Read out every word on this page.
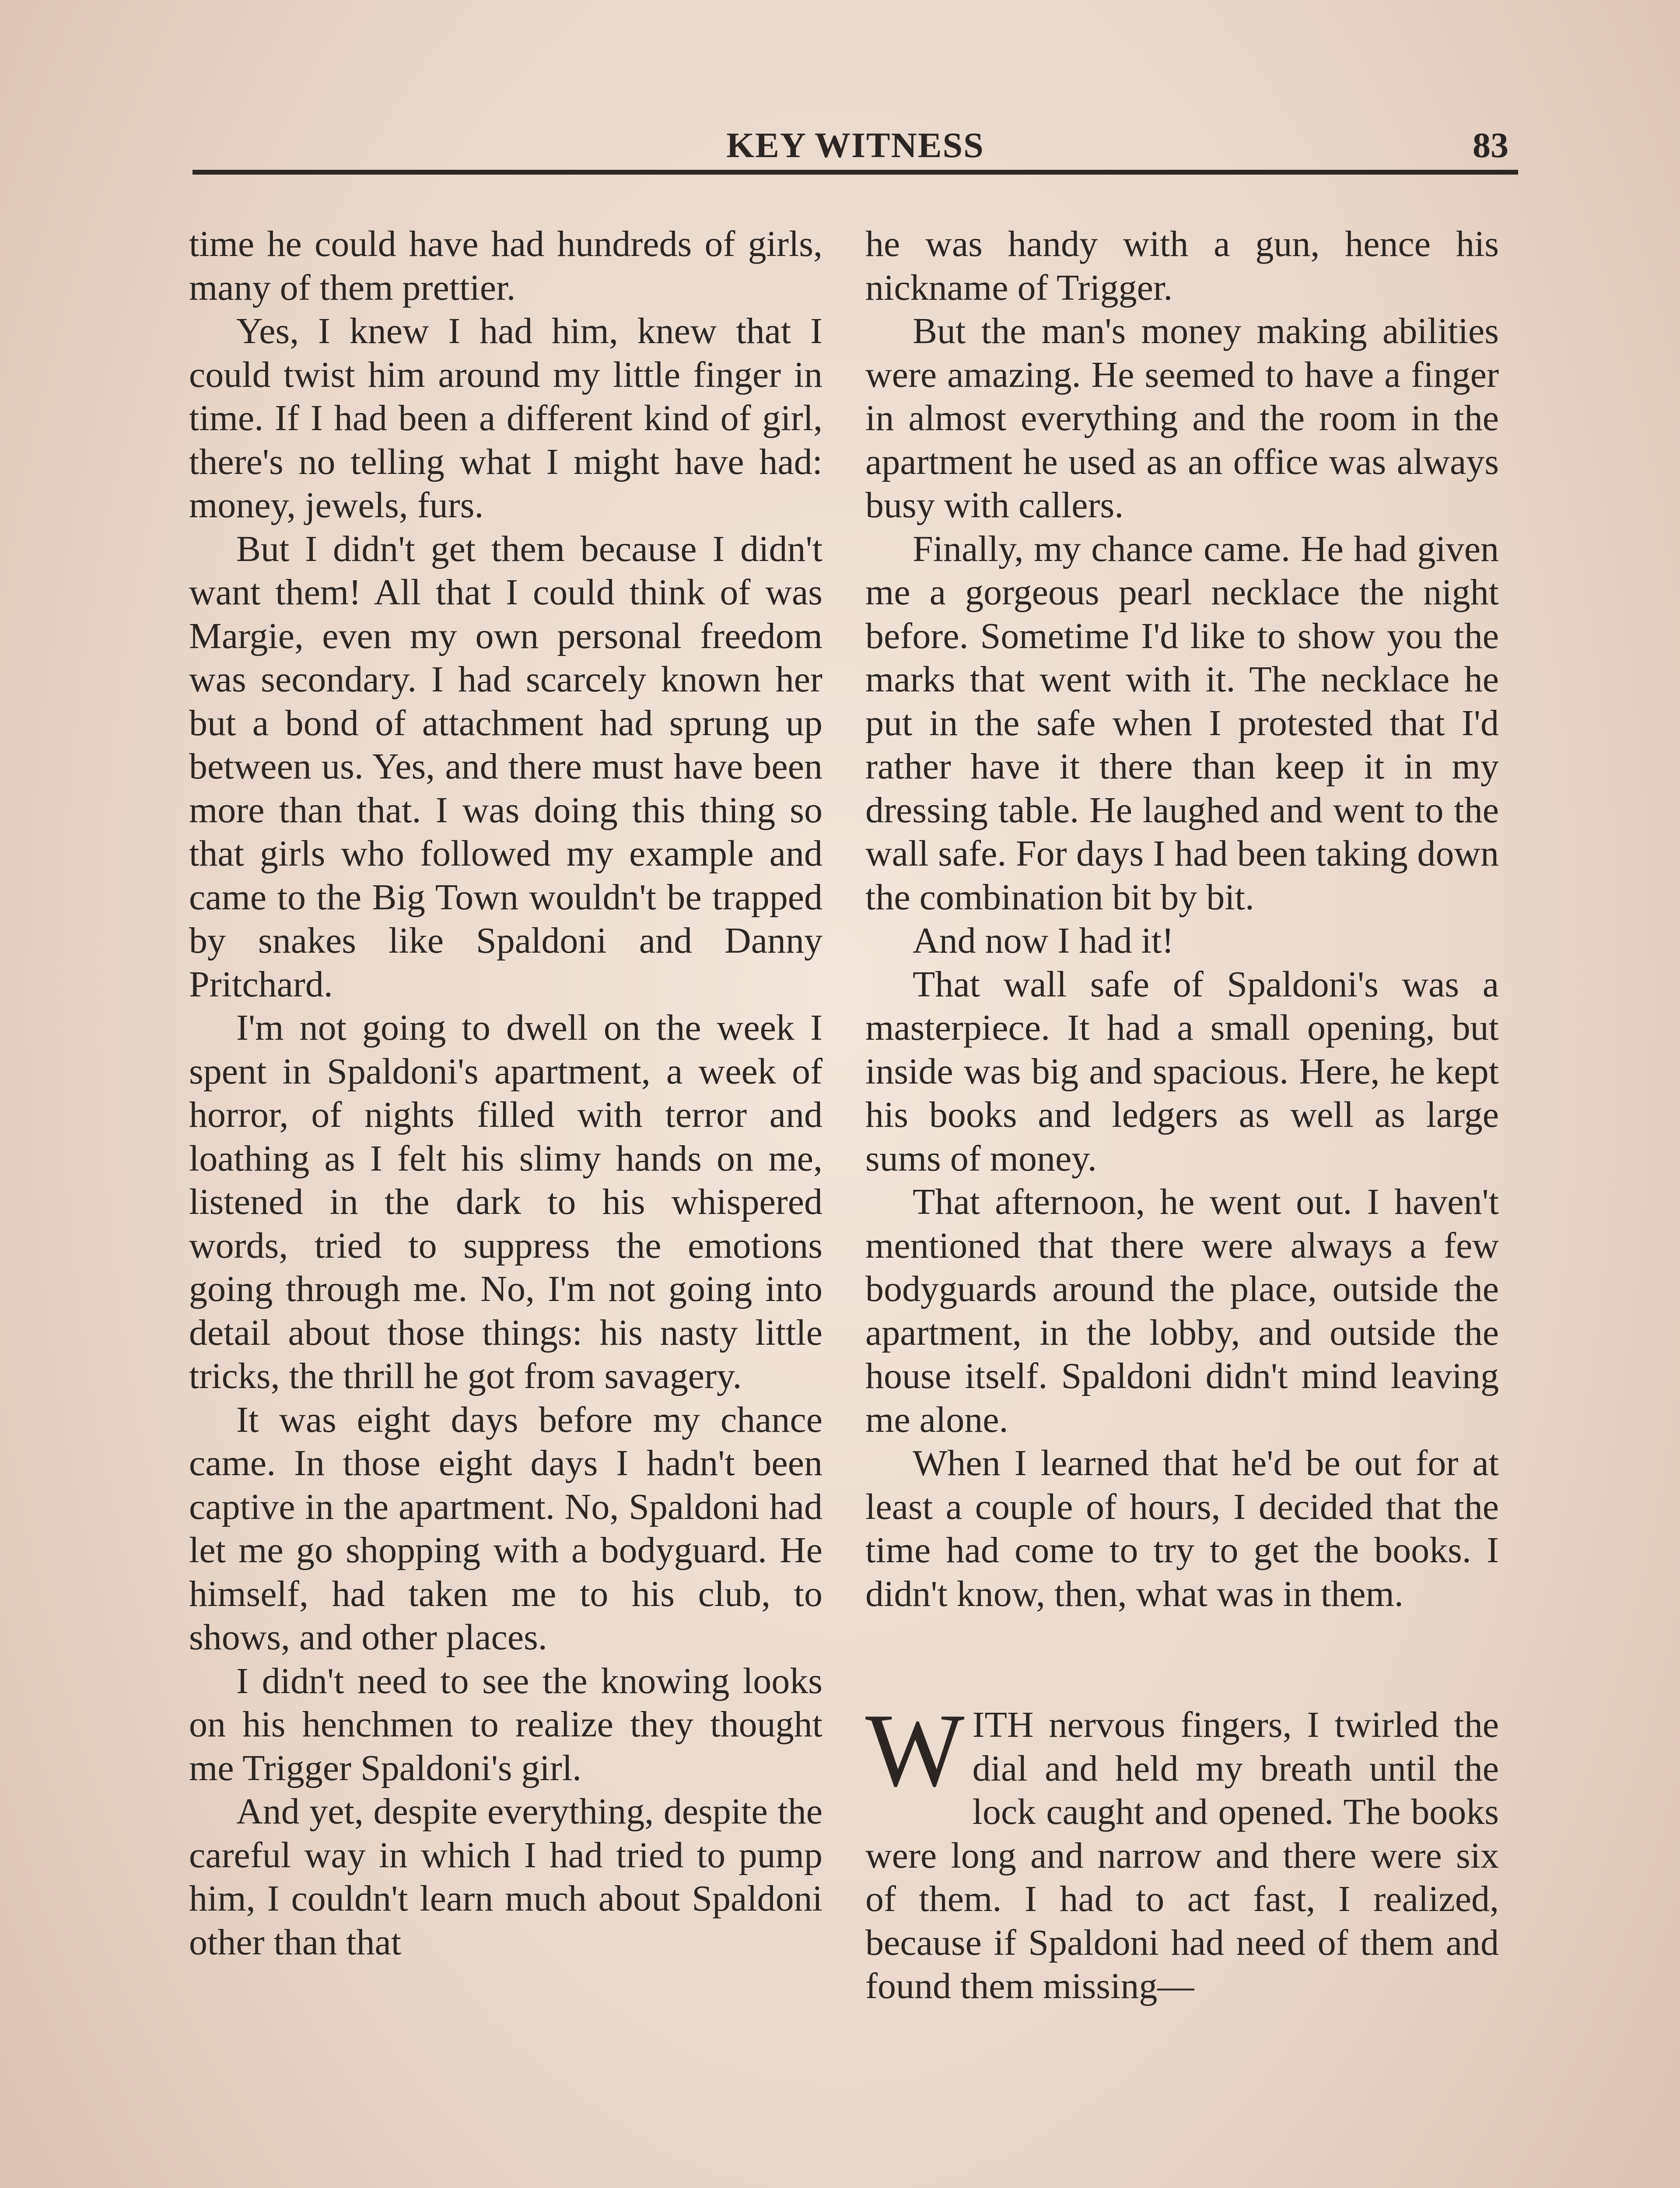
KEY WITNESS	83

time he could have had hundreds of girls, many of them prettier.

Yes, I knew I had him, knew that I could twist him around my little finger in time. If I had been a different kind of girl, there's no telling what I might have had: money, jewels, furs.

But I didn't get them because I didn't want them! All that I could think of was Margie, even my own personal freedom was secondary. I had scarcely known her but a bond of attachment had sprung up between us. Yes, and there must have been more than that. I was doing this thing so that girls who followed my example and came to the Big Town wouldn't be trapped by snakes like Spaldoni and Danny Pritchard.

I'm not going to dwell on the week I spent in Spaldoni's apartment, a week of horror, of nights filled with terror and loathing as I felt his slimy hands on me, listened in the dark to his whispered words, tried to suppress the emotions going through me. No, I'm not going into detail about those things: his nasty little tricks, the thrill he got from savagery.

It was eight days before my chance came. In those eight days I hadn't been captive in the apartment. No, Spaldoni had let me go shopping with a bodyguard. He himself, had taken me to his club, to shows, and other places.

I didn't need to see the knowing looks on his henchmen to realize they thought me Trigger Spaldoni's girl.

And yet, despite everything, despite the careful way in which I had tried to pump him, I couldn't learn much about Spaldoni other than that

he was handy with a gun, hence his nickname of Trigger.

But the man's money making abilities were amazing. He seemed to have a finger in almost everything and the room in the apartment he used as an office was always busy with callers.

Finally, my chance came. He had given me a gorgeous pearl necklace the night before. Sometime I'd like to show you the marks that went with it. The necklace he put in the safe when I protested that I'd rather have it there than keep it in my dressing table. He laughed and went to the wall safe. For days I had been taking down the combination bit by bit.

And now I had it!

That wall safe of Spaldoni's was a masterpiece. It had a small opening, but inside was big and spacious. Here, he kept his books and ledgers as well as large sums of money.

That afternoon, he went out. I haven't mentioned that there were always a few bodyguards around the place, outside the apartment, in the lobby, and outside the house itself. Spaldoni didn't mind leaving me alone.

When I learned that he'd be out for at least a couple of hours, I decided that the time had come to try to get the books. I didn't know, then, what was in them.

WITH nervous fingers, I twirled the dial and held my breath until the lock caught and opened. The books were long and narrow and there were six of them. I had to act fast, I realized, because if Spaldoni had need of them and found them missing—
